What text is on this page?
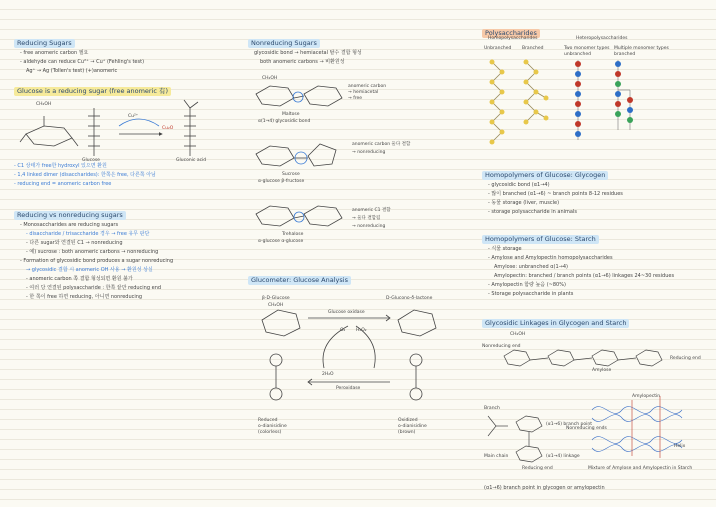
Reducing Sugars
- free anomeric carbon 필요
- aldehyde can reduce Cu²⁺ → Cu⁺ (Fehling's test)
Ag⁺ → Ag (Tollen's test) (+)anomeric
Glucose is a reducing sugar (free anomeric 有)
CH₂OH
Glucose
Cu²⁺
Cu₂O
Gluconic acid
- C1 상태가 free한 hydroxyl 있으면 환원
- 1,4 linked dimer (disaccharides): 한쪽은 free, 다른쪽 아님
- reducing end = anomeric carbon free
Reducing vs nonreducing sugars
- Monosaccharides are reducing sugars
- disaccharide / trisaccharide 경우 → free 유무 판단
- 다른 sugar와 연결된 C1 → nonreducing
- 예) sucrose : both anomeric carbons → nonreducing
- Formation of glycosidic bond produces a sugar nonreducing
→ glycosidic 결합 시 anomeric OH 사용 → 환원성 상실
- anomeric carbon 쪽 결합 형성되면 환원 불가
- 여러 당 연결된 polysaccharide : 한쪽 끝만 reducing end
- 한 쪽이 free 하면 reducing, 아니면 nonreducing
Nonreducing Sugars
glycosidic bond → hemiacetal 탈수 결합 형성
both anomeric carbons → 비환원성
CH₂OH
anomeric carbon
→ hemiacetal
→ free
Maltose
α(1→4) glycosidic bond
Sucrose
α-glucose β-fructose
Trehalose
α-glucose α-glucose
anomeric carbon 둘다 결합
→ nonreducing
anomeric C1 결합
→ 둘다 결합됨
→ nonreducing
Glucometer: Glucose Analysis
β-D-Glucose
CH₂OH
D-Glucono-δ-lactone
Glucose oxidase
O₂ H₂O₂
2H₂O
Peroxidase
Reduced
o-dianisidine
(colorless)
Oxidized
o-dianisidine
(brown)
Polysaccharides
Homopolysaccharides	Heteropolysaccharides
Unbranched Branched	Two monomer types Multiple monomer types
unbranched	branched
Homopolymers of Glucose: Glycogen
- glycosidic bond (α1→4)
- 많이 branched (α1→6) ~ branch points 8-12 residues
- 동물 storage (liver, muscle)
- storage polysaccharide in animals
Homopolymers of Glucose: Starch
- 식물 storage
- Amylose and Amylopectin homopolysaccharides
Amylose: unbranched α(1→4)
Amylopectin: branched / branch points (α1→6) linkages 24~30 residues
- Amylopectin 함량 높음 (~80%)
- Storage polysaccharide in plants
Glycosidic Linkages in Glycogen and Starch
CH₂OH
Nonreducing end
Reducing end
Amylose
Amylopectin
Branch
Main chain
Reducing end
Nonreducing ends
(α1→6) branch point
(α1→4) linkage
Helix
Mixture of Amylose and Amylopectin in Starch
(α1→6) branch point in glycogen or amylopectin
